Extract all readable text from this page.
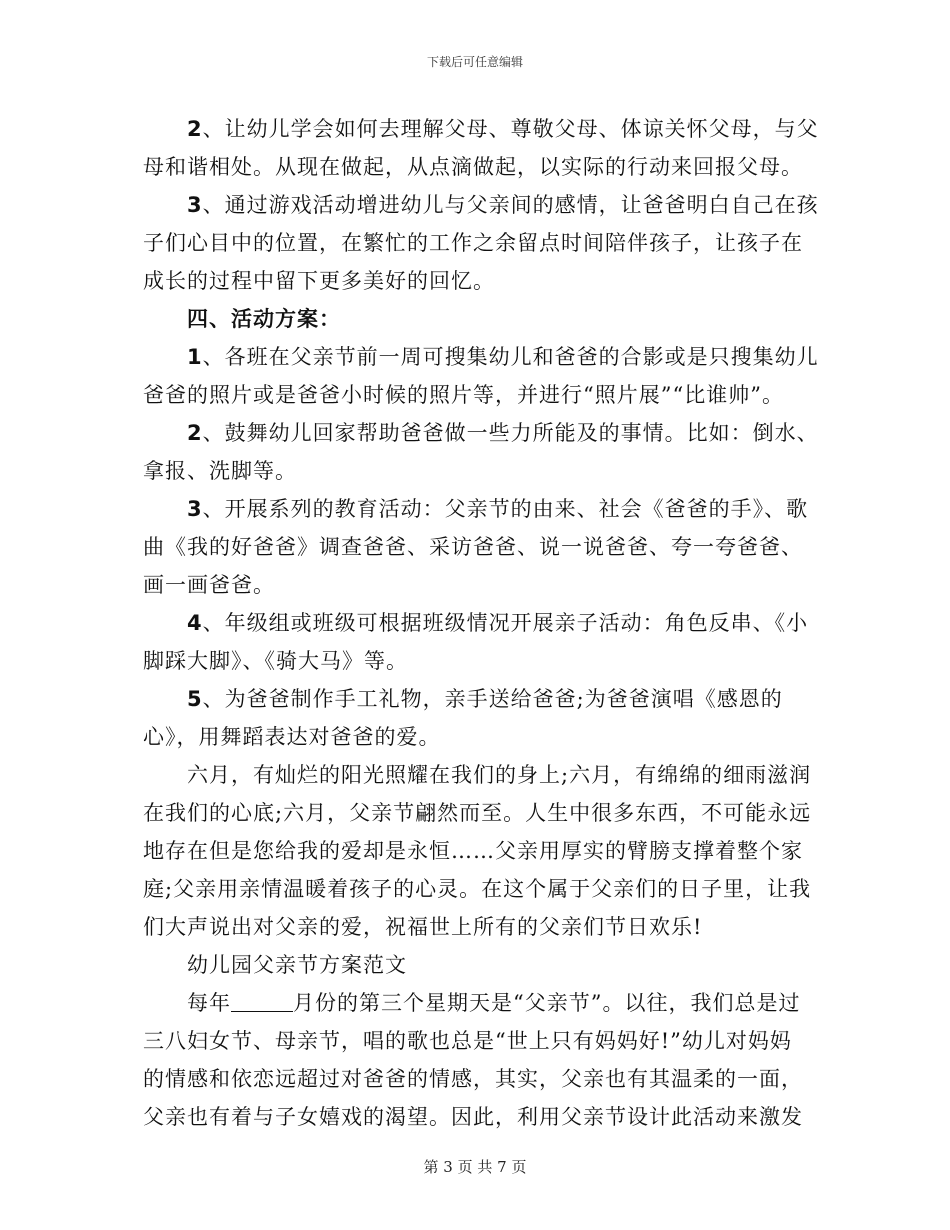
下载后可任意编辑
2、让幼儿学会如何去理解父母、尊敬父母、体谅关怀父母，与父
母和谐相处。从现在做起，从点滴做起，以实际的行动来回报父母。
3、通过游戏活动增进幼儿与父亲间的感情，让爸爸明白自己在孩
子们心目中的位置，在繁忙的工作之余留点时间陪伴孩子，让孩子在
成长的过程中留下更多美好的回忆。
四、活动方案：
1、各班在父亲节前一周可搜集幼儿和爸爸的合影或是只搜集幼儿
爸爸的照片或是爸爸小时候的照片等，并进行“照片展”“比谁帅”。
2、鼓舞幼儿回家帮助爸爸做一些力所能及的事情。比如：倒水、
拿报、洗脚等。
3、开展系列的教育活动：父亲节的由来、社会《爸爸的手》、歌
曲《我的好爸爸》调查爸爸、采访爸爸、说一说爸爸、夸一夸爸爸、
画一画爸爸。
4、年级组或班级可根据班级情况开展亲子活动：角色反串、《小
脚踩大脚》、《骑大马》等。
5、为爸爸制作手工礼物，亲手送给爸爸;为爸爸演唱《感恩的
心》，用舞蹈表达对爸爸的爱。
六月，有灿烂的阳光照耀在我们的身上;六月，有绵绵的细雨滋润
在我们的心底;六月，父亲节翩然而至。人生中很多东西，不可能永远
地存在但是您给我的爱却是永恒……父亲用厚实的臂膀支撑着整个家
庭;父亲用亲情温暖着孩子的心灵。在这个属于父亲们的日子里，让我
们大声说出对父亲的爱，祝福世上所有的父亲们节日欢乐!
幼儿园父亲节方案范文
每年	月份的第三个星期天是“父亲节”。以往，我们总是过
三八妇女节、母亲节，唱的歌也总是“世上只有妈妈好!”幼儿对妈妈
的情感和依恋远超过对爸爸的情感，其实，父亲也有其温柔的一面，
父亲也有着与子女嬉戏的渴望。因此，利用父亲节设计此活动来激发
第 3 页 共 7 页
